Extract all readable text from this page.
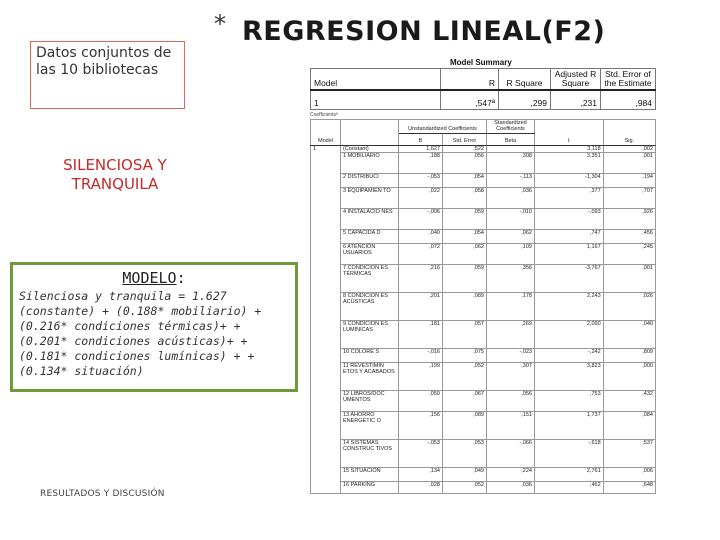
* REGRESION LINEAL(F2)
Datos conjuntos de las 10 bibliotecas
SILENCIOSA Y TRANQUILA
MODELO:
Silenciosa y tranquila = 1.627 (constante) + (0.188* mobiliario) + (0.216* condiciones térmicas)+ +(0.201* condiciones acústicas)+ +(0.181* condiciones lumínicas) + +(0.134* situación)
RESULTADOS Y DISCUSIÓN
Model Summary
Model	R	R Square	Adjusted R Square	Std. Error of the Estimate
1	,547ª	,299	,231	,984
Coefficientsª
Model		Unstandardized Coefficients		Standardized Coefficients	t	Sig.
		B	Std. Error	Beta		
1	(Constant)	1,627	,522		3,118	,002
	1 MOBILIARIO	,188	,056	,308	3,351	,001
	2 DISTRIBUCI	-,053	,054	-,113	-1,304	,194
	3 EQUIPAMIEN TO	,022	,058	,036	,377	,707
	4 INSTALACIO NES	-,006	,059	-,010	-,093	,926
	5 CAPACIDA D	,040	,054	,062	,747	,456
	6 ATENCIÓN USUARIOS	,072	,062	,109	1,167	,245
	7 CONDICION ES TÉRMICAS	,216	,059	,356	-3,767	,001
	8 CONDICION ES ACÚSTICAS	,201	,089	,178	2,243	,026
	9 CONDICION ES LUMÍNICAS	,181	,057	,269	2,090	,040
	10 COLORE S	-,016	,075	-,023	-,242	,809
	11 REVESTIMIN ETOS Y ACABADOS	,199	,052	,307	3,823	,000
	12 LIBROS/DOC UMENTOS	,050	,067	,056	,753	,432
	13 AHORRO ENERGÉTIC O	,156	,089	,151	1,737	,084
	14 SISTEMAS CONSTRUC TIVOS	-,053	,053	-,066	-,618	,537
	15 SITUACIÓN	,134	,049	,224	2,761	,006
	16 PARKING	,028	,052	,036	,462	,648
